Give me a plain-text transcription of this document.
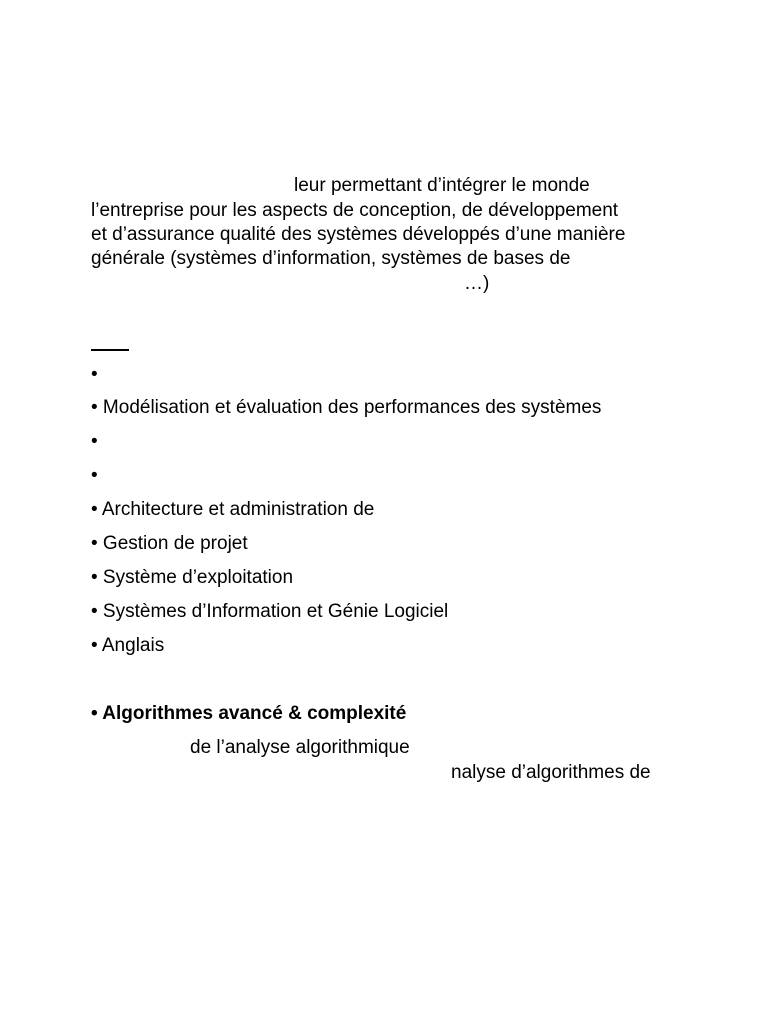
leur permettant d’intégrer le monde
l’entreprise pour les aspects de conception, de développement
et d’assurance qualité des systèmes développés d’une manière
générale (systèmes d’information, systèmes de bases de
…)
•
• Modélisation et évaluation des performances des systèmes
•
•
• Architecture et administration de
• Gestion de projet
• Système d’exploitation
• Systèmes d’Information et Génie Logiciel
• Anglais
• Algorithmes avancé & complexité
de l’analyse algorithmique
nalyse d’algorithmes de
